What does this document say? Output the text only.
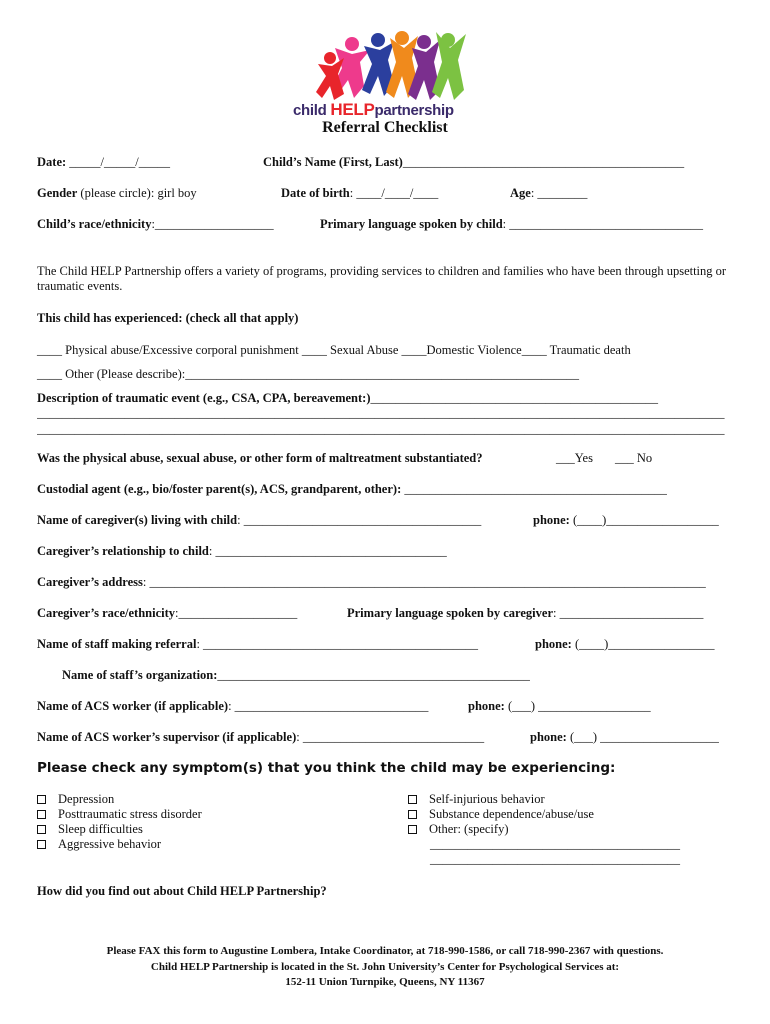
child HELPpartnership
Referral Checklist
Date: _____/_____/_____	Child’s Name (First, Last)_____________________________________________
Gender (please circle): girl boy	Date of birth: ____/____/____	Age: ________
Child’s race/ethnicity:___________________	Primary language spoken by child: _______________________________
The Child HELP Partnership offers a variety of programs, providing services to children and families who have been through upsetting or traumatic events.
This child has experienced: (check all that apply)
____ Physical abuse/Excessive corporal punishment ____ Sexual Abuse ____Domestic Violence____ Traumatic death
____ Other (Please describe):_______________________________________________________________
Description of traumatic event (e.g., CSA, CPA, bereavement:)______________________________________________
______________________________________________________________________________________________________________
______________________________________________________________________________________________________________
Was the physical abuse, sexual abuse, or other form of maltreatment substantiated?	___Yes ___ No
Custodial agent (e.g., bio/foster parent(s), ACS, grandparent, other): __________________________________________
Name of caregiver(s) living with child: ______________________________________	phone: (____)__________________
Caregiver’s relationship to child: _____________________________________
Caregiver’s address: _________________________________________________________________________________________
Caregiver’s race/ethnicity:___________________	Primary language spoken by caregiver: _______________________
Name of staff making referral: ____________________________________________	phone: (____)_________________
Name of staff’s organization:__________________________________________________
Name of ACS worker (if applicable): _______________________________	phone: (___) __________________
Name of ACS worker’s supervisor (if applicable): _____________________________	phone: (___) ___________________
Please check any symptom(s) that you think the child may be experiencing:
Depression
Posttraumatic stress disorder
Sleep difficulties
Aggressive behavior
Self-injurious behavior
Substance dependence/abuse/use
Other: (specify)
________________________________________
________________________________________
How did you find out about Child HELP Partnership?
Please FAX this form to Augustine Lombera, Intake Coordinator, at 718-990-1586, or call 718-990-2367 with questions.
Child HELP Partnership is located in the St. John University’s Center for Psychological Services at:
152-11 Union Turnpike, Queens, NY 11367
